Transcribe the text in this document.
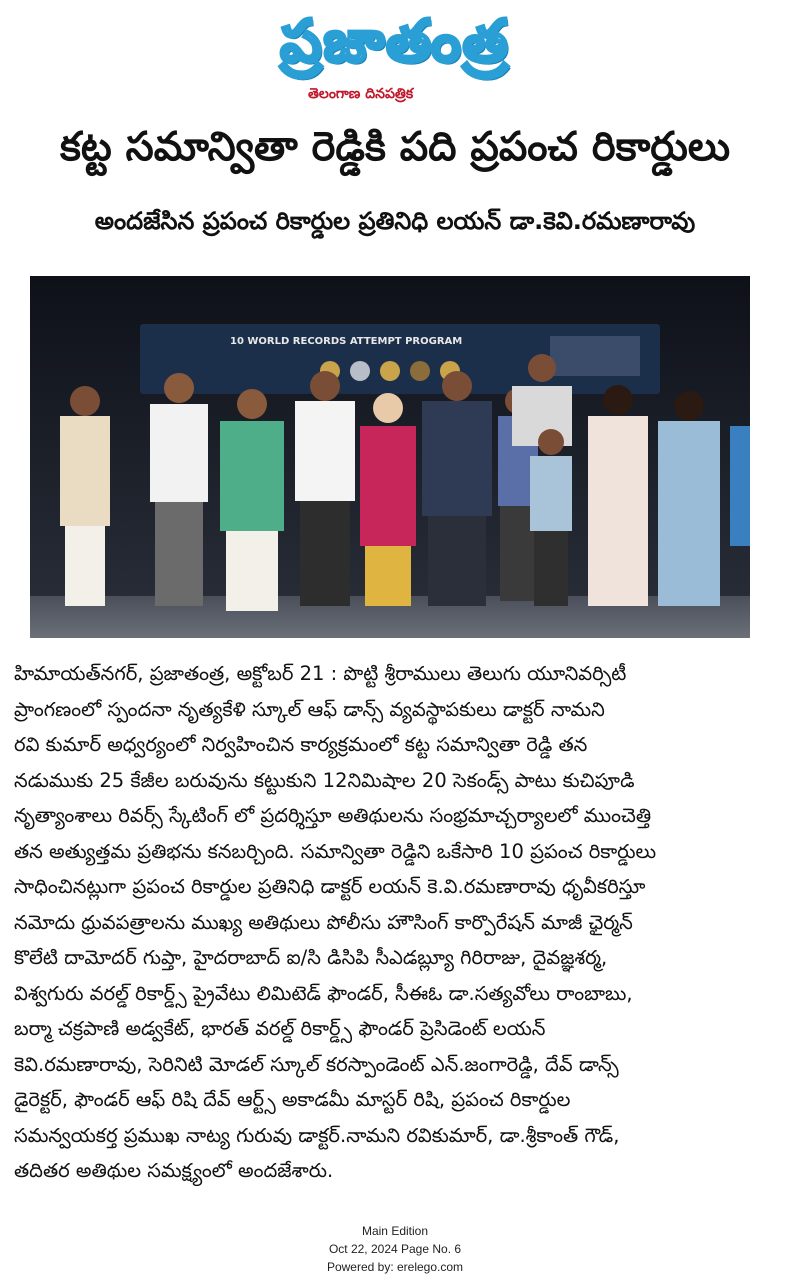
ప్రజాతంత్ర
తెలంగాణ దినపత్రిక
కట్ట సమాన్వితా రెడ్డికి పది ప్రపంచ రికార్డులు
అందజేసిన ప్రపంచ రికార్డుల ప్రతినిధి లయన్ డా.కెవి.రమణారావు
10 WORLD RECORDS ATTEMPT PROGRAM
హిమాయత్‌నగర్, ప్రజాతంత్ర, అక్టోబర్ 21 : పొట్టి శ్రీరాములు తెలుగు యూనివర్సిటీ
ప్రాంగణంలో స్పందనా నృత్యకేళి స్కూల్ ఆఫ్ డాన్స్ వ్యవస్థాపకులు డాక్టర్ నామని
రవి కుమార్ అధ్వర్యంలో నిర్వహించిన కార్యక్రమంలో కట్ట సమాన్వితా రెడ్డి తన
నడుముకు 25 కేజీల బరువును కట్టుకుని 12నిమిషాల 20 సెకండ్స్ పాటు కుచిపూడి
నృత్యాంశాలు రివర్స్ స్కేటింగ్ లో ప్రదర్శిస్తూ అతిథులను సంభ్రమాచ్చర్యాలలో ముంచెత్తి
తన అత్యుత్తమ ప్రతిభను కనబర్చింది. సమాన్వితా రెడ్డిని ఒకేసారి 10 ప్రపంచ రికార్డులు
సాధించినట్లుగా ప్రపంచ రికార్డుల ప్రతినిధి డాక్టర్ లయన్ కె.వి.రమణారావు ధృవీకరిస్తూ
నమోదు ధ్రువపత్రాలను ముఖ్య అతిథులు పోలీసు హౌసింగ్ కార్పొరేషన్ మాజీ ఛైర్మన్
కొలేటి దామోదర్ గుప్తా, హైదరాబాద్ ఐ/సి డిసిపి సీఎడబ్ల్యూ గిరిరాజు, దైవజ్ఞశర్మ,
విశ్వగురు వరల్డ్ రికార్డ్స్ ప్రైవేటు లిమిటెడ్ ఫౌండర్, సీఈఓ డా.సత్యవోలు రాంబాబు,
బర్మా చక్రపాణి అడ్వకేట్, భారత్ వరల్డ్ రికార్డ్స్ ఫౌండర్ ప్రెసిడెంట్ లయన్
కెవి.రమణారావు, సెరినిటి మోడల్ స్కూల్ కరస్పాండెంట్ ఎన్.జంగారెడ్డి, దేవ్ డాన్స్
డైరెక్టర్, ఫౌండర్ ఆఫ్ రిషి దేవ్ ఆర్ట్స్ అకాడమీ మాస్టర్ రిషి, ప్రపంచ రికార్డుల
సమన్వయకర్త ప్రముఖ నాట్య గురువు డాక్టర్.నామని రవికుమార్, డా.శ్రీకాంత్ గౌడ్,
తదితర అతిథుల సమక్ష్యంలో అందజేశారు.
Main Edition
Oct 22, 2024 Page No. 6
Powered by: erelego.com
